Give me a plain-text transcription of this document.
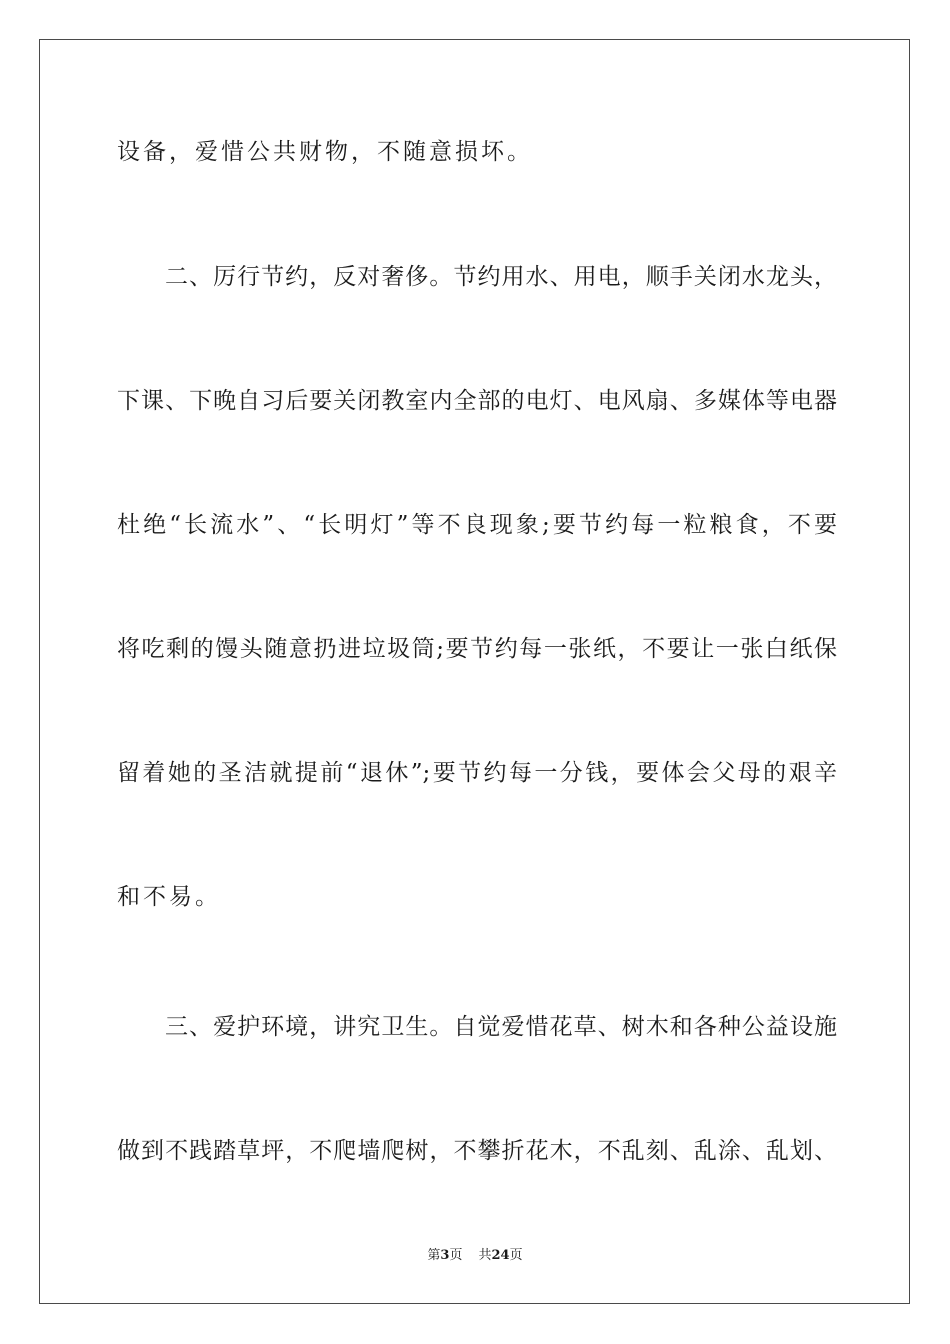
设备，爱惜公共财物，不随意损坏。
二、厉行节约，反对奢侈。节约用水、用电，顺手关闭水龙头，
下课、下晚自习后要关闭教室内全部的电灯、电风扇、多媒体等电器
杜绝“长流水”、“长明灯”等不良现象;要节约每一粒粮食，不要
将吃剩的馒头随意扔进垃圾筒;要节约每一张纸，不要让一张白纸保
留着她的圣洁就提前“退休”;要节约每一分钱，要体会父母的艰辛
和不易。
三、爱护环境，讲究卫生。自觉爱惜花草、树木和各种公益设施
做到不践踏草坪，不爬墙爬树，不攀折花木，不乱刻、乱涂、乱划、
第3页 共24页
